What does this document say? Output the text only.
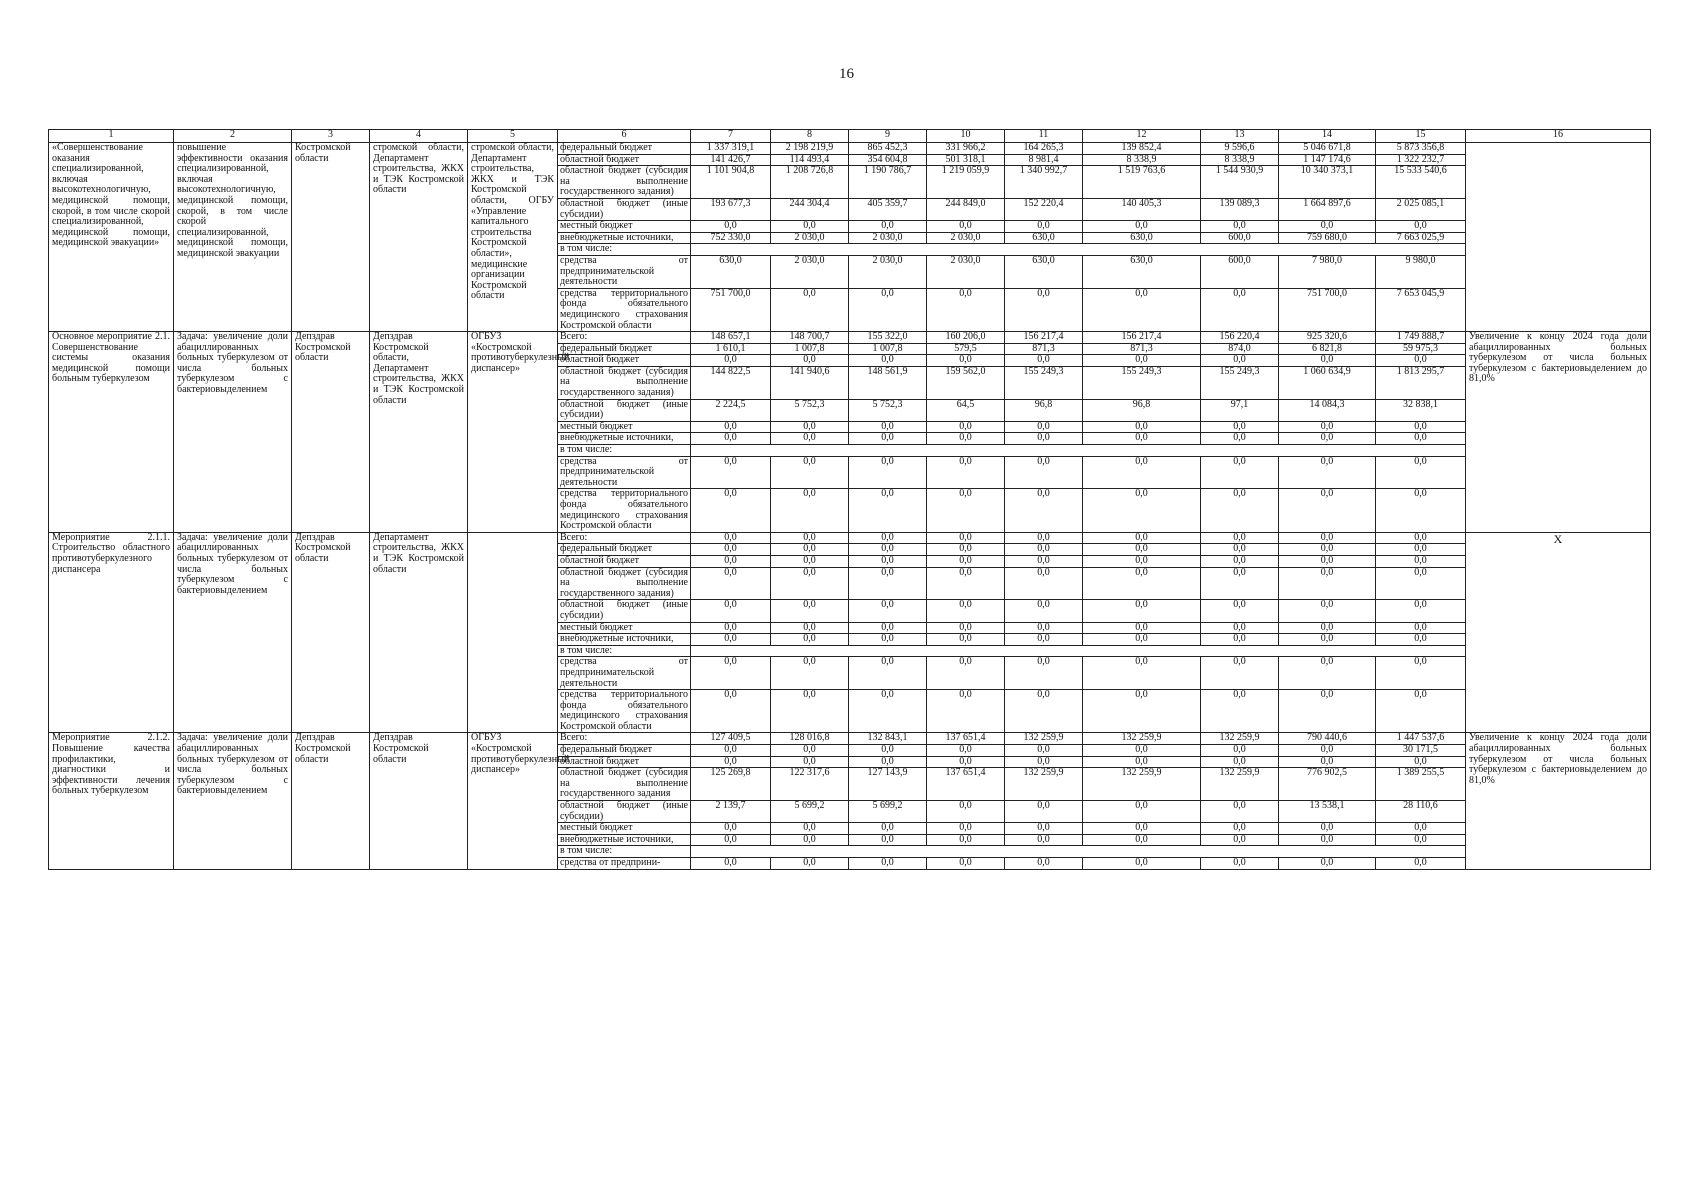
16
1	2	3	4	5	6	7	8	9	10	11	12	13	14	15	16
«Совершенствование оказания специализированной, включая высокотехнологичную, медицинской помощи, скорой, в том числе скорой специализированной, медицинской помощи, медицинской эвакуации»	повышение эффективности оказания специализированной, включая высокотехнологичную, медицинской помощи, скорой, в том числе скорой специализированной, медицинской помощи, медицинской эвакуации	Костромской области	стромской области, Департамент строительства, ЖКХ и ТЭК Костромской области	стромской области, Департамент строительства, ЖКХ и ТЭК Костромской области, ОГБУ «Управление капитального строительства Костромской области», медицинские организации Костромской области	федеральный бюджет	1 337 319,1	2 198 219,9	865 452,3	331 966,2	164 265,3	139 852,4	9 596,6	5 046 671,8	5 873 356,8	
					областной бюджет	141 426,7	114 493,4	354 604,8	501 318,1	8 981,4	8 338,9	8 338,9	1 147 174,6	1 322 232,7	
					областной бюджет (субсидия на выполнение государственного задания)	1 101 904,8	1 208 726,8	1 190 786,7	1 219 059,9	1 340 992,7	1 519 763,6	1 544 930,9	10 340 373,1	15 533 540,6	
					областной бюджет (иные субсидии)	193 677,3	244 304,4	405 359,7	244 849,0	152 220,4	140 405,3	139 089,3	1 664 897,6	2 025 085,1	
					местный бюджет	0,0	0,0	0,0	0,0	0,0	0,0	0,0	0,0	0,0	
					внебюджетные источники,	752 330,0	2 030,0	2 030,0	2 030,0	630,0	630,0	600,0	759 680,0	7 663 025,9	
					в том числе:										
					средства от предпринимательской деятельности	630,0	2 030,0	2 030,0	2 030,0	630,0	630,0	600,0	7 980,0	9 980,0	
					средства территориального фонда обязательного медицинского страхования Костромской области	751 700,0	0,0	0,0	0,0	0,0	0,0	0,0	751 700,0	7 653 045,9	
Основное мероприятие 2.1. Совершенствование системы оказания медицинской помощи больным туберкулезом	Задача: увеличение доли абациллированных больных туберкулезом от числа больных туберкулезом с бактериовыделением	Депздрав Костромской области	Депздрав Костромской области, Департамент строительства, ЖКХ и ТЭК Костромской области	ОГБУЗ «Костромской противотуберкулезный диспансер»	Всего:	148 657,1	148 700,7	155 322,0	160 206,0	156 217,4	156 217,4	156 220,4	925 320,6	1 749 888,7	Увеличение к концу 2024 года доли абациллированных больных туберкулезом от числа больных туберкулезом с бактериовыделением до 81,0%
					федеральный бюджет	1 610,1	1 007,8	1 007,8	579,5	871,3	871,3	874,0	6 821,8	59 975,3	
					областной бюджет	0,0	0,0	0,0	0,0	0,0	0,0	0,0	0,0	0,0	
					областной бюджет (субсидия на выполнение государственного задания)	144 822,5	141 940,6	148 561,9	159 562,0	155 249,3	155 249,3	155 249,3	1 060 634,9	1 813 295,7	
					областной бюджет (иные субсидии)	2 224,5	5 752,3	5 752,3	64,5	96,8	96,8	97,1	14 084,3	32 838,1	
					местный бюджет	0,0	0,0	0,0	0,0	0,0	0,0	0,0	0,0	0,0	
					внебюджетные источники,	0,0	0,0	0,0	0,0	0,0	0,0	0,0	0,0	0,0	
					в том числе:										
					средства от предпринимательской деятельности	0,0	0,0	0,0	0,0	0,0	0,0	0,0	0,0	0,0	
					средства территориального фонда обязательного медицинского страхования Костромской области	0,0	0,0	0,0	0,0	0,0	0,0	0,0	0,0	0,0	
Мероприятие 2.1.1. Строительство областного противотуберкулезного диспансера	Задача: увеличение доли абациллированных больных туберкулезом от числа больных туберкулезом с бактериовыделением	Депздрав Костромской области	Департамент строительства, ЖКХ и ТЭК Костромской области		Всего:	0,0	0,0	0,0	0,0	0,0	0,0	0,0	0,0	0,0	Х
					федеральный бюджет	0,0	0,0	0,0	0,0	0,0	0,0	0,0	0,0	0,0	
					областной бюджет	0,0	0,0	0,0	0,0	0,0	0,0	0,0	0,0	0,0	
					областной бюджет (субсидия на выполнение государственного задания)	0,0	0,0	0,0	0,0	0,0	0,0	0,0	0,0	0,0	
					областной бюджет (иные субсидии)	0,0	0,0	0,0	0,0	0,0	0,0	0,0	0,0	0,0	
					местный бюджет	0,0	0,0	0,0	0,0	0,0	0,0	0,0	0,0	0,0	
					внебюджетные источники,	0,0	0,0	0,0	0,0	0,0	0,0	0,0	0,0	0,0	
					в том числе:										
					средства от предпринимательской деятельности	0,0	0,0	0,0	0,0	0,0	0,0	0,0	0,0	0,0	
					средства территориального фонда обязательного медицинского страхования Костромской области	0,0	0,0	0,0	0,0	0,0	0,0	0,0	0,0	0,0	
Мероприятие 2.1.2. Повышение качества профилактики, диагностики и эффективности лечения больных туберкулезом	Задача: увеличение доли абациллированных больных туберкулезом от числа больных туберкулезом с бактериовыделением	Депздрав Костромской области	Депздрав Костромской области	ОГБУЗ «Костромской противотуберкулезный диспансер»	Всего:	127 409,5	128 016,8	132 843,1	137 651,4	132 259,9	132 259,9	132 259,9	790 440,6	1 447 537,6	Увеличение к концу 2024 года доли абациллированных больных туберкулезом от числа больных туберкулезом с бактериовыделением до 81,0%
					федеральный бюджет	0,0	0,0	0,0	0,0	0,0	0,0	0,0	0,0	30 171,5	
					областной бюджет	0,0	0,0	0,0	0,0	0,0	0,0	0,0	0,0	0,0	
					областной бюджет (субсидия на выполнение государственного задания	125 269,8	122 317,6	127 143,9	137 651,4	132 259,9	132 259,9	132 259,9	776 902,5	1 389 255,5	
					областной бюджет (иные субсидии)	2 139,7	5 699,2	5 699,2	0,0	0,0	0,0	0,0	13 538,1	28 110,6	
					местный бюджет	0,0	0,0	0,0	0,0	0,0	0,0	0,0	0,0	0,0	
					внебюджетные источники,	0,0	0,0	0,0	0,0	0,0	0,0	0,0	0,0	0,0	
					в том числе:										
					средства от предприни-	0,0	0,0	0,0	0,0	0,0	0,0	0,0	0,0	0,0	
